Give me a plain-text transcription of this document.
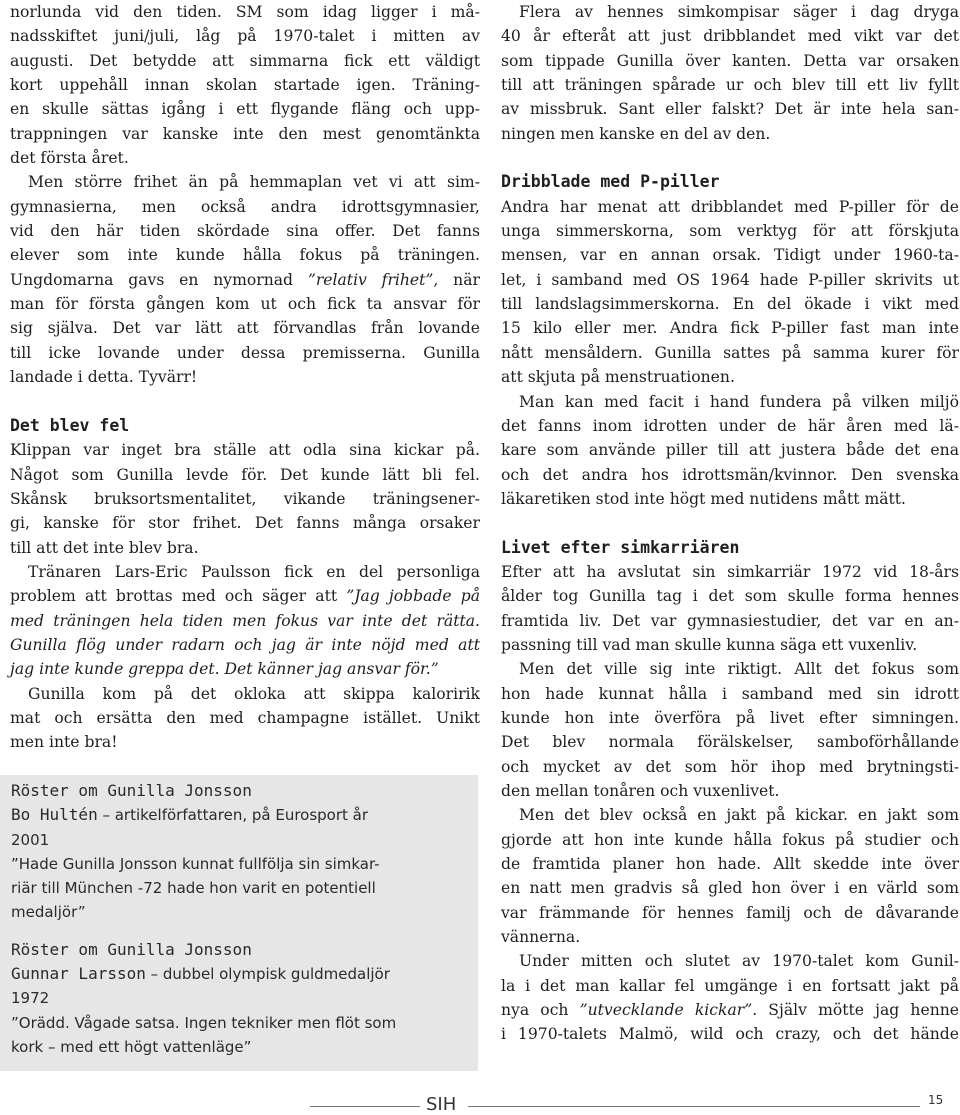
norlunda vid den tiden. SM som idag ligger i må-
nadsskiftet juni/juli, låg på 1970-talet i mitten av
augusti. Det betydde att simmarna fick ett väldigt
kort uppehåll innan skolan startade igen. Träning-
en skulle sättas igång i ett flygande fläng och upp-
trappningen var kanske inte den mest genomtänkta
det första året.
Men större frihet än på hemmaplan vet vi att sim-
gymnasierna, men också andra idrottsgymnasier,
vid den här tiden skördade sina offer. Det fanns
elever som inte kunde hålla fokus på träningen.
Ungdomarna gavs en nymornad ”relativ frihet”, när
man för första gången kom ut och fick ta ansvar för
sig själva. Det var lätt att förvandlas från lovande
till icke lovande under dessa premisserna. Gunilla
landade i detta. Tyvärr!
Det blev fel
Klippan var inget bra ställe att odla sina kickar på.
Något som Gunilla levde för. Det kunde lätt bli fel.
Skånsk bruksortsmentalitet, vikande träningsener-
gi, kanske för stor frihet. Det fanns många orsaker
till att det inte blev bra.
Tränaren Lars-Eric Paulsson fick en del personliga
problem att brottas med och säger att ”Jag jobbade på
med träningen hela tiden men fokus var inte det rätta.
Gunilla flög under radarn och jag är inte nöjd med att
jag inte kunde greppa det. Det känner jag ansvar för.”
Gunilla kom på det okloka att skippa kaloririk
mat och ersätta den med champagne istället. Unikt
men inte bra!
Röster om Gunilla Jonsson
Bo Hultén – artikelförfattaren, på Eurosport år
2001
”Hade Gunilla Jonsson kunnat fullfölja sin simkar-
riär till München -72 hade hon varit en potentiell
medaljör”
Röster om Gunilla Jonsson
Gunnar Larsson – dubbel olympisk guldmedaljör
1972
”Orädd. Vågade satsa. Ingen tekniker men flöt som
kork – med ett högt vattenläge”
Flera av hennes simkompisar säger i dag dryga
40 år efteråt att just dribblandet med vikt var det
som tippade Gunilla över kanten. Detta var orsaken
till att träningen spårade ur och blev till ett liv fyllt
av missbruk. Sant eller falskt? Det är inte hela san-
ningen men kanske en del av den.
Dribblade med P-piller
Andra har menat att dribblandet med P-piller för de
unga simmerskorna, som verktyg för att förskjuta
mensen, var en annan orsak. Tidigt under 1960-ta-
let, i samband med OS 1964 hade P-piller skrivits ut
till landslagsimmerskorna. En del ökade i vikt med
15 kilo eller mer. Andra fick P-piller fast man inte
nått mensåldern. Gunilla sattes på samma kurer för
att skjuta på menstruationen.
Man kan med facit i hand fundera på vilken miljö
det fanns inom idrotten under de här åren med lä-
kare som använde piller till att justera både det ena
och det andra hos idrottsmän/kvinnor. Den svenska
läkaretiken stod inte högt med nutidens mått mätt.
Livet efter simkarriären
Efter att ha avslutat sin simkarriär 1972 vid 18-års
ålder tog Gunilla tag i det som skulle forma hennes
framtida liv. Det var gymnasiestudier, det var en an-
passning till vad man skulle kunna säga ett vuxenliv.
Men det ville sig inte riktigt. Allt det fokus som
hon hade kunnat hålla i samband med sin idrott
kunde hon inte överföra på livet efter simningen.
Det blev normala förälskelser, samboförhållande
och mycket av det som hör ihop med brytningsti-
den mellan tonåren och vuxenlivet.
Men det blev också en jakt på kickar. en jakt som
gjorde att hon inte kunde hålla fokus på studier och
de framtida planer hon hade. Allt skedde inte över
en natt men gradvis så gled hon över i en värld som
var främmande för hennes familj och de dåvarande
vännerna.
Under mitten och slutet av 1970-talet kom Gunil-
la i det man kallar fel umgänge i en fortsatt jakt på
nya och ”utvecklande kickar”. Själv mötte jag henne
i 1970-talets Malmö, wild och crazy, och det hände
SIH	15
